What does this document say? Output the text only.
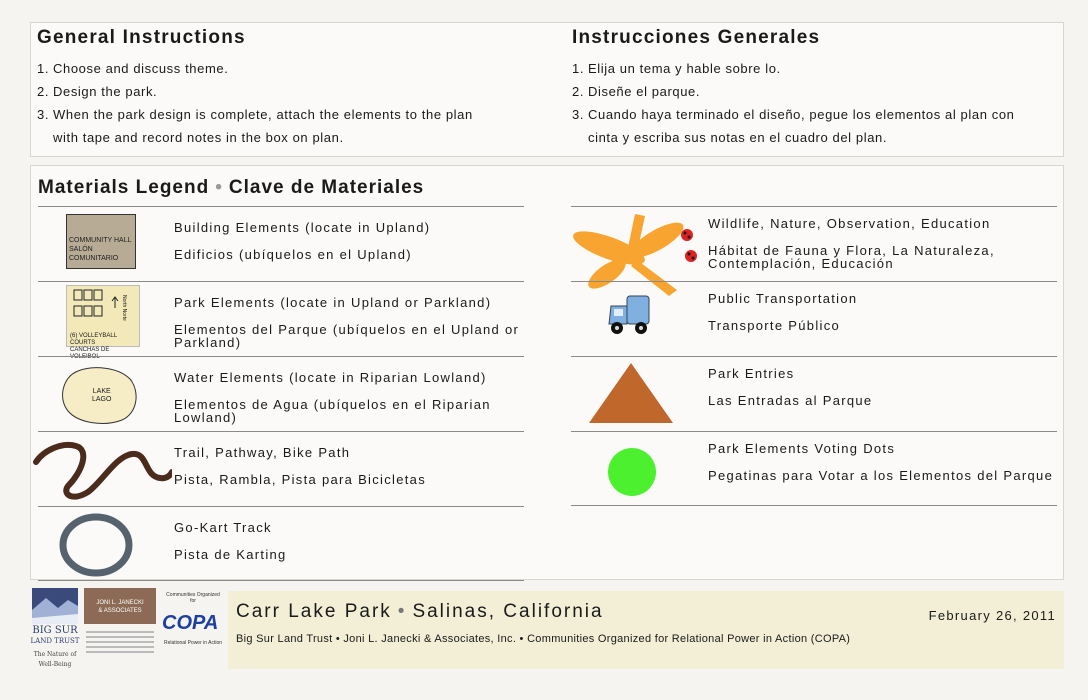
General Instructions
1. Choose and discuss theme.
2. Design the park.
3. When the park design is complete, attach the elements to the plan
with tape and record notes in the box on plan.
Instrucciones Generales
1. Elija un tema y hable sobre lo.
2. Diseñe el parque.
3. Cuando haya terminado el diseño, pegue los elementos al plan con
cinta y escriba sus notas en el cuadro del plan.
Materials Legend • Clave de Materiales
COMMUNITY HALL
SALÓN COMUNITARIO
Building Elements (locate in Upland)
Edificios (ubíquelos en el Upland)
(6) VOLLEYBALL COURTS
CANCHAS DE VOLEIBOL
North Norte	Park Elements (locate in Upland or Parkland)
Elementos del Parque (ubíquelos en el Upland or Parkland)
LAKE
LAGO
Water Elements (locate in Riparian Lowland)
Elementos de Agua (ubíquelos en el Riparian Lowland)
Trail, Pathway, Bike Path
Pista, Rambla, Pista para Bicicletas
Go-Kart Track
Pista de Karting
Wildlife, Nature, Observation, Education
Hábitat de Fauna y Flora, La Naturaleza, Contemplación, Educación
Public Transportation
Transporte Público
Park Entries
Las Entradas al Parque
Park Elements Voting Dots
Pegatinas para Votar a los Elementos del Parque
BIG SUR
LAND TRUST
The Nature of
Well-Being
JONI L. JANECKI
& ASSOCIATES
Communities Organized for
COPA
Relational Power in Action
Carr Lake Park • Salinas, California	February 26, 2011
Big Sur Land Trust • Joni L. Janecki & Associates, Inc. • Communities Organized for Relational Power in Action (COPA)
